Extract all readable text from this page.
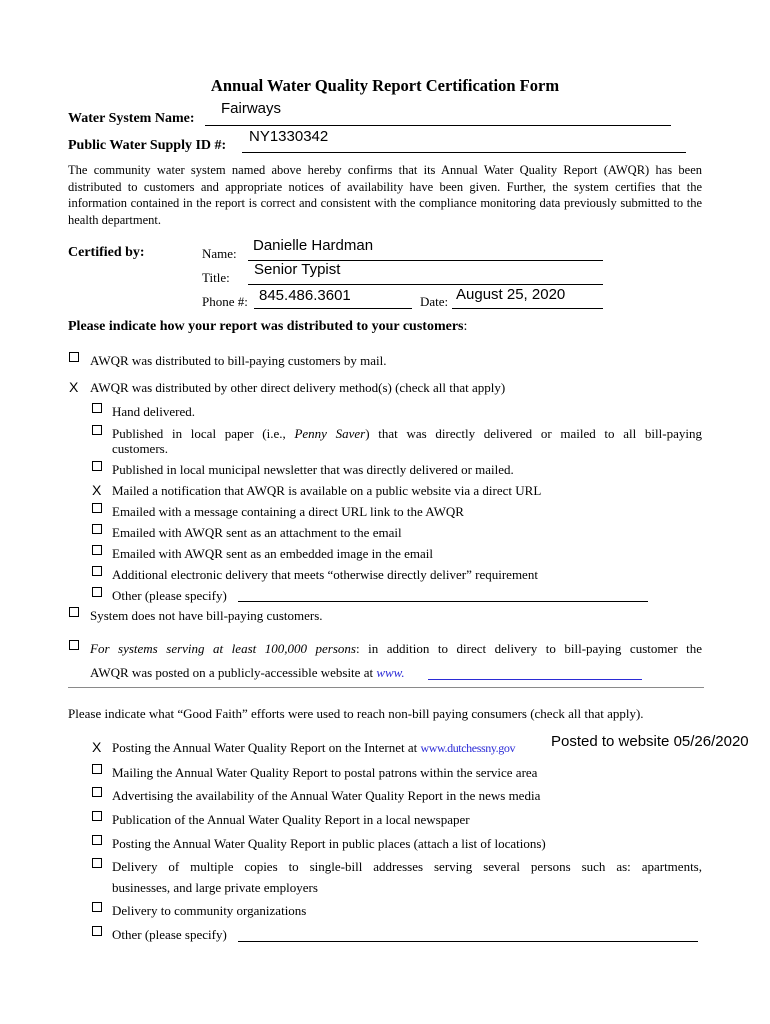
Annual Water Quality Report Certification Form
Water System Name:
Fairways
Public Water Supply ID #:
NY1330342
The community water system named above hereby confirms that its Annual Water Quality Report (AWQR) has been distributed to customers and appropriate notices of availability have been given. Further, the system certifies that the information contained in the report is correct and consistent with the compliance monitoring data previously submitted to the health department.
Certified by:	Name: Danielle Hardman
Title: Senior Typist
Phone #: 845.486.3601	Date: August 25, 2020
Please indicate how your report was distributed to your customers:
AWQR was distributed to bill-paying customers by mail.
X AWQR was distributed by other direct delivery method(s) (check all that apply)
Hand delivered.
Published in local paper (i.e., Penny Saver) that was directly delivered or mailed to all bill-paying
customers.
Published in local municipal newsletter that was directly delivered or mailed.
X Mailed a notification that AWQR is available on a public website via a direct URL
Emailed with a message containing a direct URL link to the AWQR
Emailed with AWQR sent as an attachment to the email
Emailed with AWQR sent as an embedded image in the email
Additional electronic delivery that meets “otherwise directly deliver” requirement
Other (please specify)
System does not have bill-paying customers.
For systems serving at least 100,000 persons: in addition to direct delivery to bill-paying customer the
AWQR was posted on a publicly-accessible website at www.
Please indicate what “Good Faith” efforts were used to reach non-bill paying consumers (check all that apply).
X Posting the Annual Water Quality Report on the Internet at www.dutchessny.gov Posted to website 05/26/2020
Mailing the Annual Water Quality Report to postal patrons within the service area
Advertising the availability of the Annual Water Quality Report in the news media
Publication of the Annual Water Quality Report in a local newspaper
Posting the Annual Water Quality Report in public places (attach a list of locations)
Delivery of multiple copies to single-bill addresses serving several persons such as: apartments,
businesses, and large private employers
Delivery to community organizations
Other (please specify)
